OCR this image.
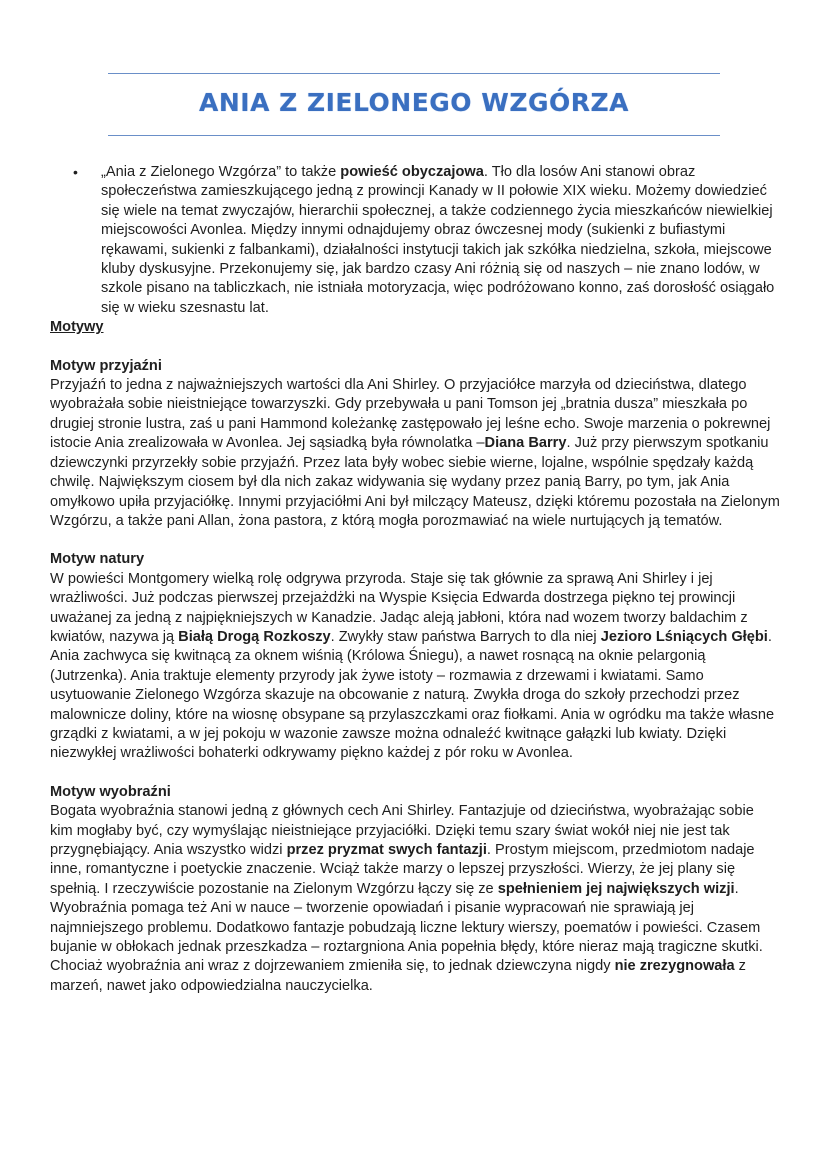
ANIA Z ZIELONEGO WZGÓRZA
• „Ania z Zielonego Wzgórza” to także powieść obyczajowa. Tło dla losów Ani stanowi obraz społeczeństwa zamieszkującego jedną z prowincji Kanady w II połowie XIX wieku. Możemy dowiedzieć się wiele na temat zwyczajów, hierarchii społecznej, a także codziennego życia mieszkańców niewielkiej miejscowości Avonlea. Między innymi odnajdujemy obraz ówczesnej mody (sukienki z bufiastymi rękawami, sukienki z falbankami), działalności instytucji takich jak szkółka niedzielna, szkoła, miejscowe kluby dyskusyjne. Przekonujemy się, jak bardzo czasy Ani różnią się od naszych – nie znano lodów, w szkole pisano na tabliczkach, nie istniała motoryzacja, więc podróżowano konno, zaś dorosłość osiągało się w wieku szesnastu lat.

Motywy

Motyw przyjaźni

Przyjaźń to jedna z najważniejszych wartości dla Ani Shirley. O przyjaciółce marzyła od dzieciństwa, dlatego wyobrażała sobie nieistniejące towarzyszki. Gdy przebywała u pani Tomson jej „bratnia dusza” mieszkała po drugiej stronie lustra, zaś u pani Hammond koleżankę zastępowało jej leśne echo. Swoje marzenia o pokrewnej istocie Ania zrealizowała w Avonlea. Jej sąsiadką była równolatka –Diana Barry. Już przy pierwszym spotkaniu dziewczynki przyrzekły sobie przyjaźń. Przez lata były wobec siebie wierne, lojalne, wspólnie spędzały każdą chwilę. Największym ciosem był dla nich zakaz widywania się wydany przez panią Barry, po tym, jak Ania omyłkowo upiła przyjaciółkę. Innymi przyjaciółmi Ani był milczący Mateusz, dzięki któremu pozostała na Zielonym Wzgórzu, a także pani Allan, żona pastora, z którą mogła porozmawiać na wiele nurtujących ją tematów.

Motyw natury

W powieści Montgomery wielką rolę odgrywa przyroda. Staje się tak głównie za sprawą Ani Shirley i jej wrażliwości. Już podczas pierwszej przejażdżki na Wyspie Księcia Edwarda dostrzega piękno tej prowincji uważanej za jedną z najpiękniejszych w Kanadzie. Jadąc aleją jabłoni, która nad wozem tworzy baldachim z kwiatów, nazywa ją Białą Drogą Rozkoszy. Zwykły staw państwa Barrych to dla niej Jezioro Lśniących Głębi. Ania zachwyca się kwitnącą za oknem wiśnią (Królowa Śniegu), a nawet rosnącą na oknie pelargonią (Jutrzenka). Ania traktuje elementy przyrody jak żywe istoty – rozmawia z drzewami i kwiatami. Samo usytuowanie Zielonego Wzgórza skazuje na obcowanie z naturą. Zwykła droga do szkoły przechodzi przez malownicze doliny, które na wiosnę obsypane są przylaszczkami oraz fiołkami. Ania w ogródku ma także własne grządki z kwiatami, a w jej pokoju w wazonie zawsze można odnaleźć kwitnące gałązki lub kwiaty. Dzięki niezwykłej wrażliwości bohaterki odkrywamy piękno każdej z pór roku w Avonlea.

Motyw wyobraźni

Bogata wyobraźnia stanowi jedną z głównych cech Ani Shirley. Fantazjuje od dzieciństwa, wyobrażając sobie kim mogłaby być, czy wymyślając nieistniejące przyjaciółki. Dzięki temu szary świat wokół niej nie jest tak przygnębiający. Ania wszystko widzi przez pryzmat swych fantazji. Prostym miejscom, przedmiotom nadaje inne, romantyczne i poetyckie znaczenie. Wciąż także marzy o lepszej przyszłości. Wierzy, że jej plany się spełnią. I rzeczywiście pozostanie na Zielonym Wzgórzu łączy się ze spełnieniem jej największych wizji. Wyobraźnia pomaga też Ani w nauce – tworzenie opowiadań i pisanie wypracowań nie sprawiają jej najmniejszego problemu. Dodatkowo fantazje pobudzają liczne lektury wierszy, poematów i powieści. Czasem bujanie w obłokach jednak przeszkadza – roztargniona Ania popełnia błędy, które nieraz mają tragiczne skutki. Chociaż wyobraźnia ani wraz z dojrzewaniem zmieniła się, to jednak dziewczyna nigdy nie zrezygnowała z marzeń, nawet jako odpowiedzialna nauczycielka.
